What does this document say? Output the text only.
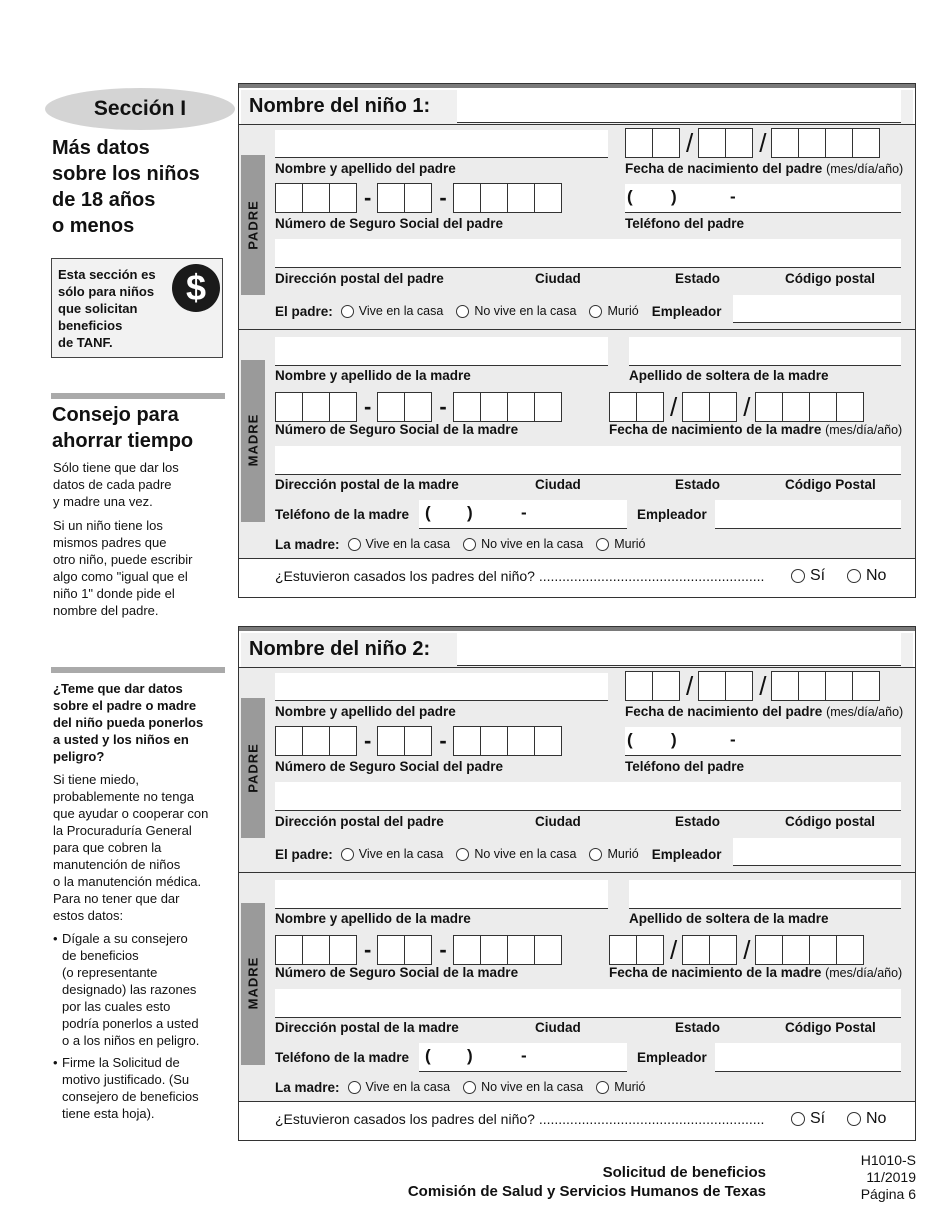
Sección I
Más datos
sobre los niños
de 18 años
o menos
Esta sección es
sólo para niños
que solicitan
beneficios
de TANF.
$
Consejo para
ahorrar tiempo
Sólo tiene que dar los
datos de cada padre
y madre una vez.
Si un niño tiene los
mismos padres que
otro niño, puede escribir
algo como "igual que el
niño 1" donde pide el
nombre del padre.
¿Teme que dar datos
sobre el padre o madre
del niño pueda ponerlos
a usted y los niños en
peligro?
Si tiene miedo,
probablemente no tenga
que ayudar o cooperar con
la Procuraduría General
para que cobren la
manutención de niños
o la manutención médica.
Para no tener que dar
estos datos:
• Dígale a su consejero
de beneficios
(o representante
designado) las razones
por las cuales esto
podría ponerlos a usted
o a los niños en peligro.
• Firme la Solicitud de
motivo justificado. (Su
consejero de beneficios
tiene esta hoja).
Nombre del niño 1:
PADRE
/	/
Nombre y apellido del padre	Fecha de nacimiento del padre (mes/día/año)
-	-	( )	-
Número de Seguro Social del padre	Teléfono del padre
Dirección postal del padre	Ciudad	Estado	Código postal
El padre: Vive en la casa No vive en la casa Murió Empleador
MADRE
Nombre y apellido de la madre	Apellido de soltera de la madre
-	-	/	/
Número de Seguro Social de la madre	Fecha de nacimiento de la madre (mes/día/año)
Dirección postal de la madre	Ciudad	Estado	Código Postal
Teléfono de la madre ( )	-	Empleador
La madre: Vive en la casa No vive en la casa Murió
¿Estuvieron casados los padres del niño? ..........................................................	Sí	No
Nombre del niño 2:
PADRE
/	/
Nombre y apellido del padre	Fecha de nacimiento del padre (mes/día/año)
-	-	( )	-
Número de Seguro Social del padre	Teléfono del padre
Dirección postal del padre	Ciudad	Estado	Código postal
El padre: Vive en la casa No vive en la casa Murió Empleador
MADRE
Nombre y apellido de la madre	Apellido de soltera de la madre
-	-	/	/
Número de Seguro Social de la madre	Fecha de nacimiento de la madre (mes/día/año)
Dirección postal de la madre	Ciudad	Estado	Código Postal
Teléfono de la madre ( )	-	Empleador
La madre: Vive en la casa No vive en la casa Murió
¿Estuvieron casados los padres del niño? ..........................................................	Sí	No
Solicitud de beneficios
Comisión de Salud y Servicios Humanos de Texas
H1010-S
11/2019
Página 6
